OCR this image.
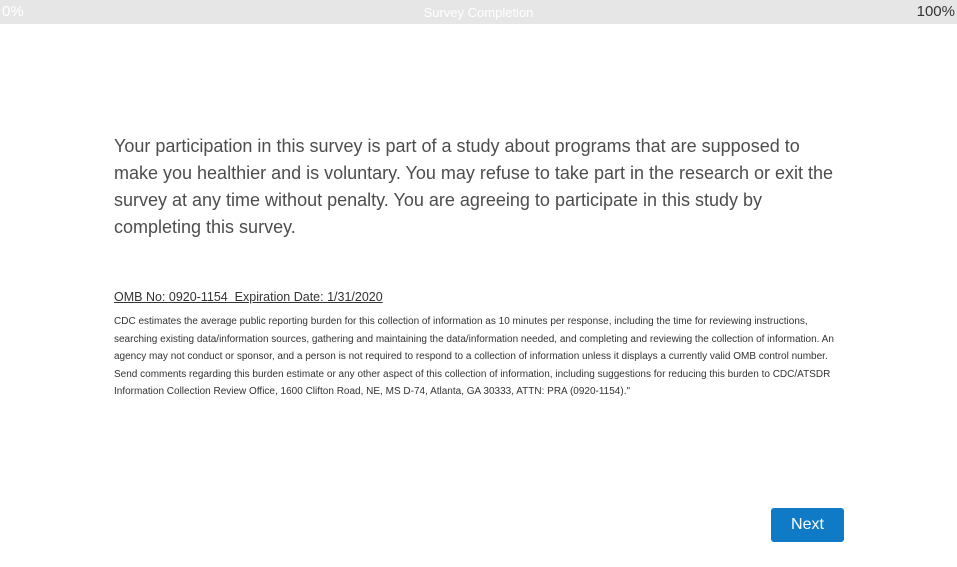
0%	Survey Completion	100%

Your participation in this survey is part of a study about programs that are supposed to make you healthier and is voluntary. You may refuse to take part in the research or exit the survey at any time without penalty. You are agreeing to participate in this study by completing this survey.

OMB No: 0920-1154  Expiration Date: 1/31/2020

CDC estimates the average public reporting burden for this collection of information as 10 minutes per response, including the time for reviewing instructions, searching existing data/information sources, gathering and maintaining the data/information needed, and completing and reviewing the collection of information. An agency may not conduct or sponsor, and a person is not required to respond to a collection of information unless it displays a currently valid OMB control number. Send comments regarding this burden estimate or any other aspect of this collection of information, including suggestions for reducing this burden to CDC/ATSDR Information Collection Review Office, 1600 Clifton Road, NE, MS D-74, Atlanta, GA 30333, ATTN: PRA (0920-1154)."

Next
